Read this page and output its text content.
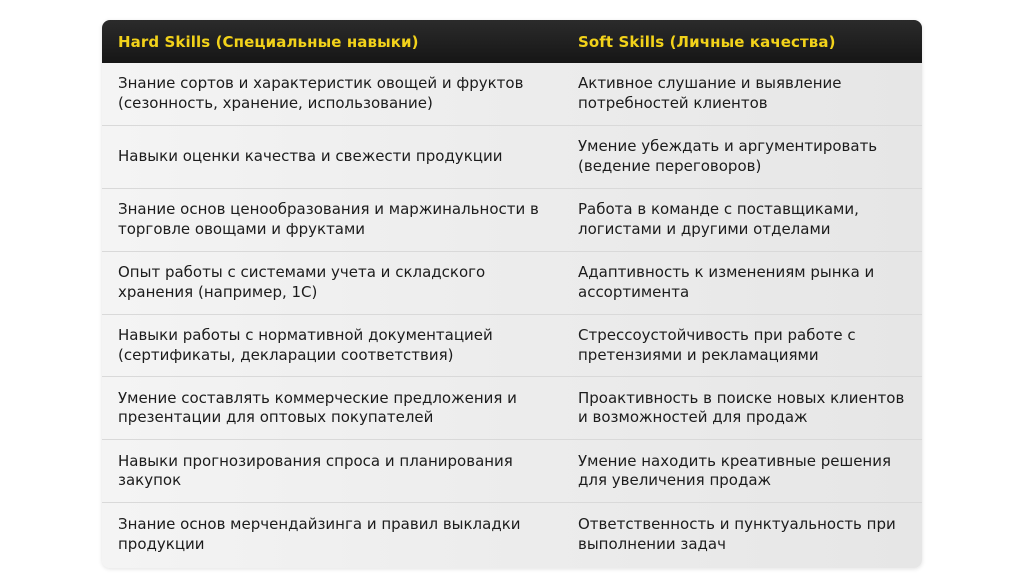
Hard Skills (Специальные навыки)	Soft Skills (Личные качества)
Знание сортов и характеристик овощей и фруктов (сезонность, хранение, использование)
Активное слушание и выявление потребностей клиентов
Навыки оценки качества и свежести продукции
Умение убеждать и аргументировать (ведение переговоров)
Знание основ ценообразования и маржинальности в торговле овощами и фруктами
Работа в команде с поставщиками, логистами и другими отделами
Опыт работы с системами учета и складского хранения (например, 1С)
Адаптивность к изменениям рынка и ассортимента
Навыки работы с нормативной документацией (сертификаты, декларации соответствия)
Стрессоустойчивость при работе с претензиями и рекламациями
Умение составлять коммерческие предложения и презентации для оптовых покупателей
Проактивность в поиске новых клиентов и возможностей для продаж
Навыки прогнозирования спроса и планирования закупок
Умение находить креативные решения для увеличения продаж
Знание основ мерчендайзинга и правил выкладки продукции
Ответственность и пунктуальность при выполнении задач
